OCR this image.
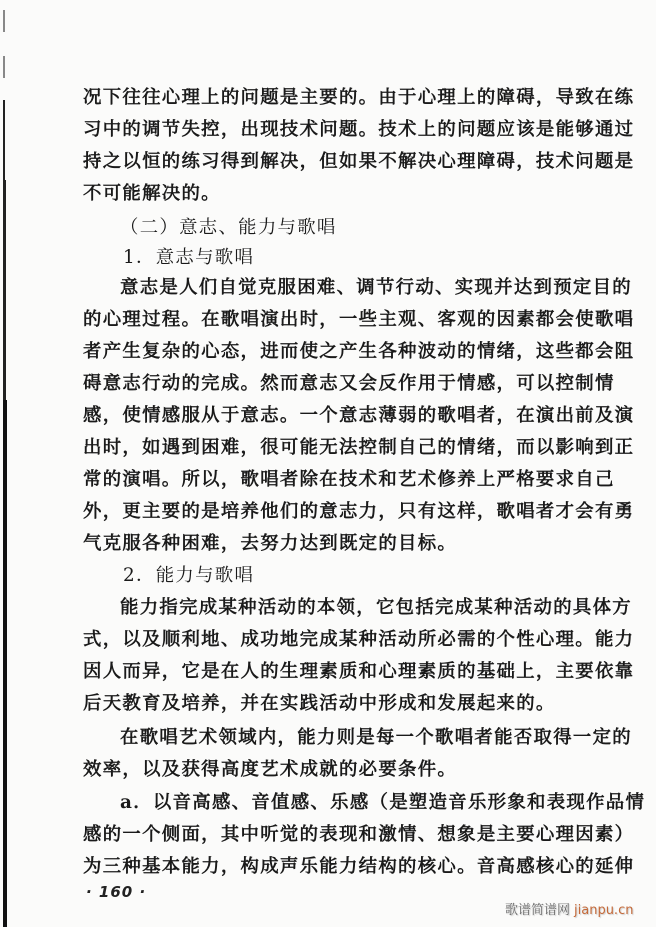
况下往往心理上的问题是主要的。由于心理上的障碍，导致在练
习中的调节失控，出现技术问题。技术上的问题应该是能够通过
持之以恒的练习得到解决，但如果不解决心理障碍，技术问题是
不可能解决的。
（二）意志、能力与歌唱
1．意志与歌唱
意志是人们自觉克服困难、调节行动、实现并达到预定目的
的心理过程。在歌唱演出时，一些主观、客观的因素都会使歌唱
者产生复杂的心态，进而使之产生各种波动的情绪，这些都会阻
碍意志行动的完成。然而意志又会反作用于情感，可以控制情
感，使情感服从于意志。一个意志薄弱的歌唱者，在演出前及演
出时，如遇到困难，很可能无法控制自己的情绪，而以影响到正
常的演唱。所以，歌唱者除在技术和艺术修养上严格要求自己
外，更主要的是培养他们的意志力，只有这样，歌唱者才会有勇
气克服各种困难，去努力达到既定的目标。
2．能力与歌唱
能力指完成某种活动的本领，它包括完成某种活动的具体方
式，以及顺利地、成功地完成某种活动所必需的个性心理。能力
因人而异，它是在人的生理素质和心理素质的基础上，主要依靠
后天教育及培养，并在实践活动中形成和发展起来的。
在歌唱艺术领域内，能力则是每一个歌唱者能否取得一定的
效率，以及获得高度艺术成就的必要条件。
a．以音高感、音值感、乐感（是塑造音乐形象和表现作品情
感的一个侧面，其中听觉的表现和激情、想象是主要心理因素）
为三种基本能力，构成声乐能力结构的核心。音高感核心的延伸
· 160 ·
歌谱简谱网 jianpu.cn
